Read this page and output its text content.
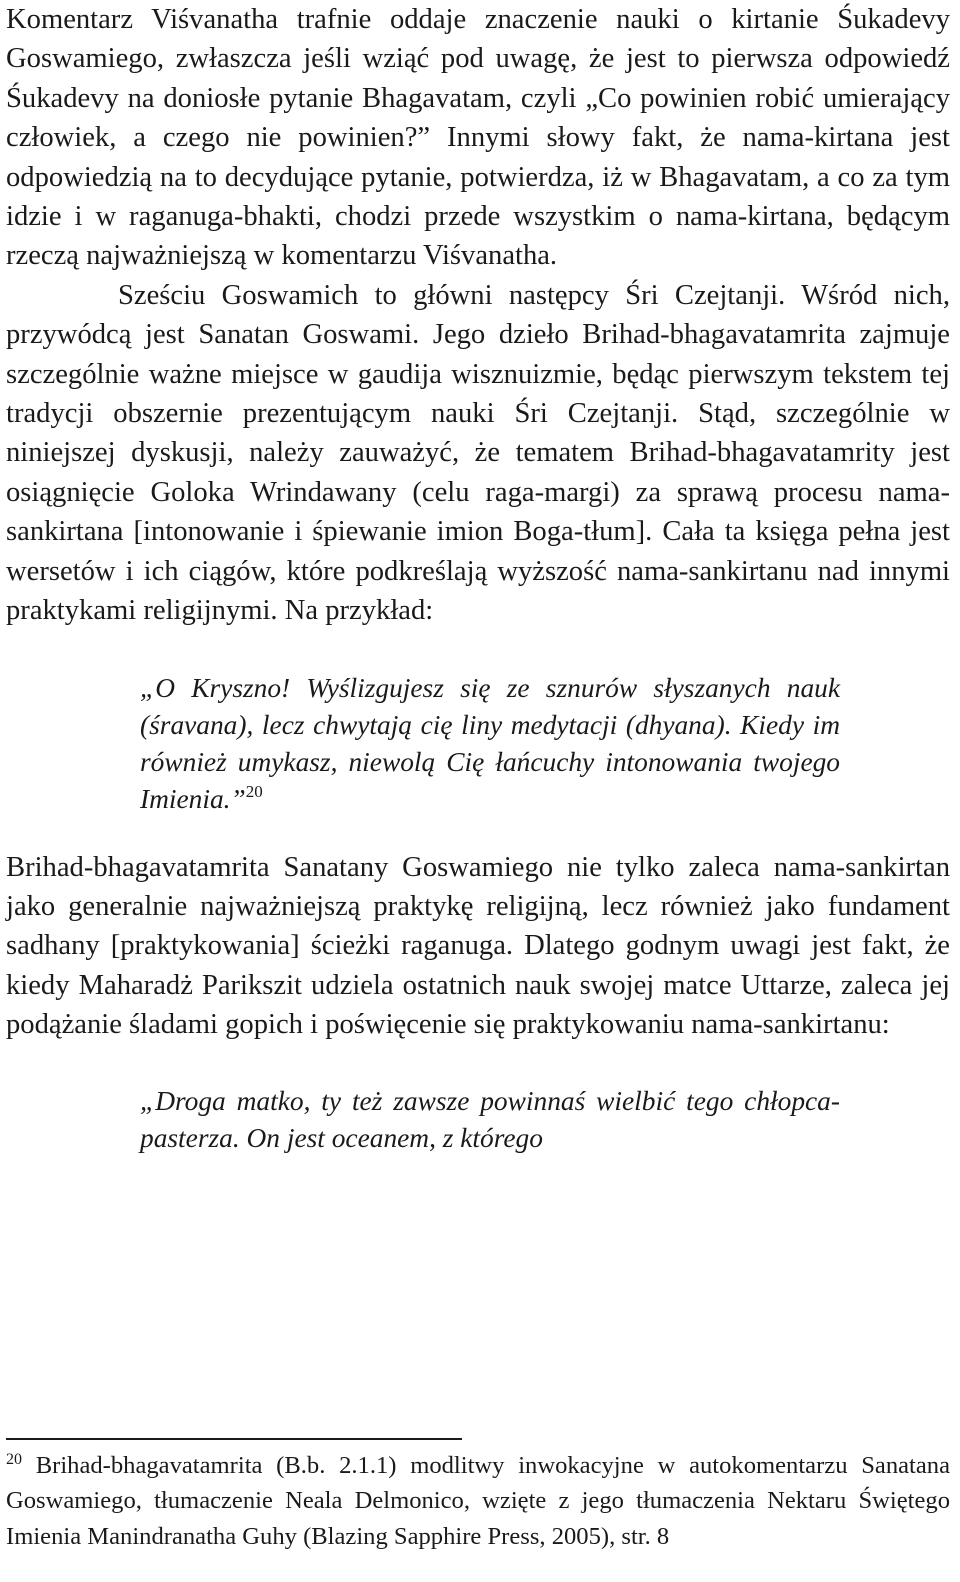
Komentarz Viśvanatha trafnie oddaje znaczenie nauki o kirtanie Śukadevy Goswamiego, zwłaszcza jeśli wziąć pod uwagę, że jest to pierwsza odpowiedź Śukadevy na doniosłe pytanie Bhagavatam, czyli „Co powinien robić umierający człowiek, a czego nie powinien?” Innymi słowy fakt, że nama-kirtana jest odpowiedzią na to decydujące pytanie, potwierdza, iż w Bhagavatam, a co za tym idzie i w raganuga-bhakti, chodzi przede wszystkim o nama-kirtana, będącym rzeczą najważniejszą w komentarzu Viśvanatha.

Sześciu Goswamich to główni następcy Śri Czejtanji. Wśród nich, przywódcą jest Sanatan Goswami. Jego dzieło Brihad-bhagavatamrita zajmuje szczególnie ważne miejsce w gaudija wisznuizmie, będąc pierwszym tekstem tej tradycji obszernie prezentującym nauki Śri Czejtanji. Stąd, szczególnie w niniejszej dyskusji, należy zauważyć, że tematem Brihad-bhagavatamrity jest osiągnięcie Goloka Wrindawany (celu raga-margi) za sprawą procesu nama-sankirtana [intonowanie i śpiewanie imion Boga-tłum]. Cała ta księga pełna jest wersetów i ich ciągów, które podkreślają wyższość nama-sankirtanu nad innymi praktykami religijnymi. Na przykład:

„O Kryszno! Wyślizgujesz się ze sznurów słyszanych nauk (śravana), lecz chwytają cię liny medytacji (dhyana). Kiedy im również umykasz, niewolą Cię łańcuchy intonowania twojego Imienia.”$^{20}$

Brihad-bhagavatamrita Sanatany Goswamiego nie tylko zaleca nama-sankirtan jako generalnie najważniejszą praktykę religijną, lecz również jako fundament sadhany [praktykowania] ścieżki raganuga. Dlatego godnym uwagi jest fakt, że kiedy Maharadż Parikszit udziela ostatnich nauk swojej matce Uttarze, zaleca jej podążanie śladami gopich i poświęcenie się praktykowaniu nama-sankirtanu:

„Droga matko, ty też zawsze powinnaś wielbić tego chłopca-pasterza. On jest oceanem, z którego

$^{20}$ Brihad-bhagavatamrita (B.b. 2.1.1) modlitwy inwokacyjne w autokomentarzu Sanatana Goswamiego, tłumaczenie Neala Delmonico, wzięte z jego tłumaczenia Nektaru Świętego Imienia Manindranatha Guhy (Blazing Sapphire Press, 2005), str. 8
